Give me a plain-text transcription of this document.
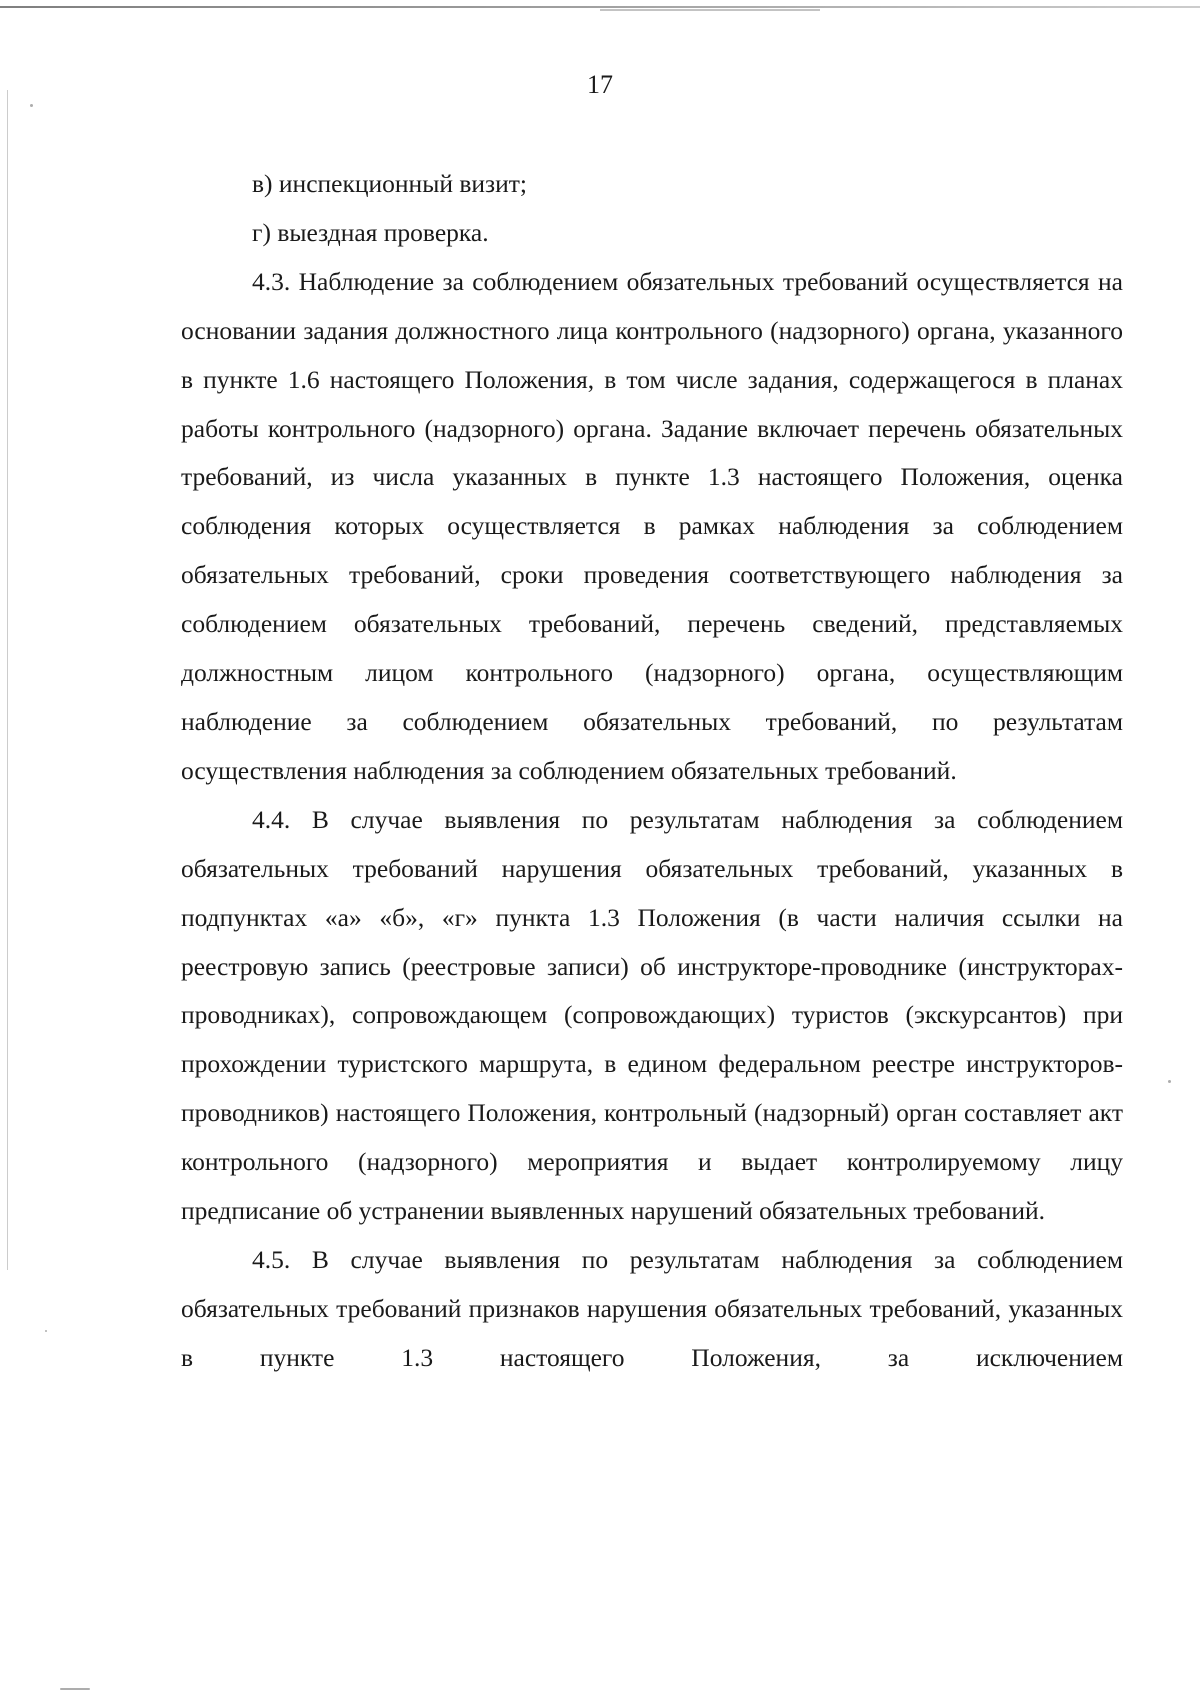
17

в) инспекционный визит;

г) выездная проверка.

4.3. Наблюдение за соблюдением обязательных требований осуществляется на основании задания должностного лица контрольного (надзорного) органа, указанного в пункте 1.6 настоящего Положения, в том числе задания, содержащегося в планах работы контрольного (надзорного) органа. Задание включает перечень обязательных требований, из числа указанных в пункте 1.3 настоящего Положения, оценка соблюдения которых осуществляется в рамках наблюдения за соблюдением обязательных требований, сроки проведения соответствующего наблюдения за соблюдением обязательных требований, перечень сведений, представляемых должностным лицом контрольного (надзорного) органа, осуществляющим наблюдение за соблюдением обязательных требований, по результатам осуществления наблюдения за соблюдением обязательных требований.

4.4. В случае выявления по результатам наблюдения за соблюдением обязательных требований нарушения обязательных требований, указанных в подпунктах «а» «б», «г» пункта 1.3 Положения (в части наличия ссылки на реестровую запись (реестровые записи) об инструкторе-проводнике (инструкторах-проводниках), сопровождающем (сопровождающих) туристов (экскурсантов) при прохождении туристского маршрута, в едином федеральном реестре инструкторов-проводников) настоящего Положения, контрольный (надзорный) орган составляет акт контрольного (надзорного) мероприятия и выдает контролируемому лицу предписание об устранении выявленных нарушений обязательных требований.

4.5. В случае выявления по результатам наблюдения за соблюдением обязательных требований признаков нарушения обязательных требований, указанных в пункте 1.3 настоящего Положения, за исключением
